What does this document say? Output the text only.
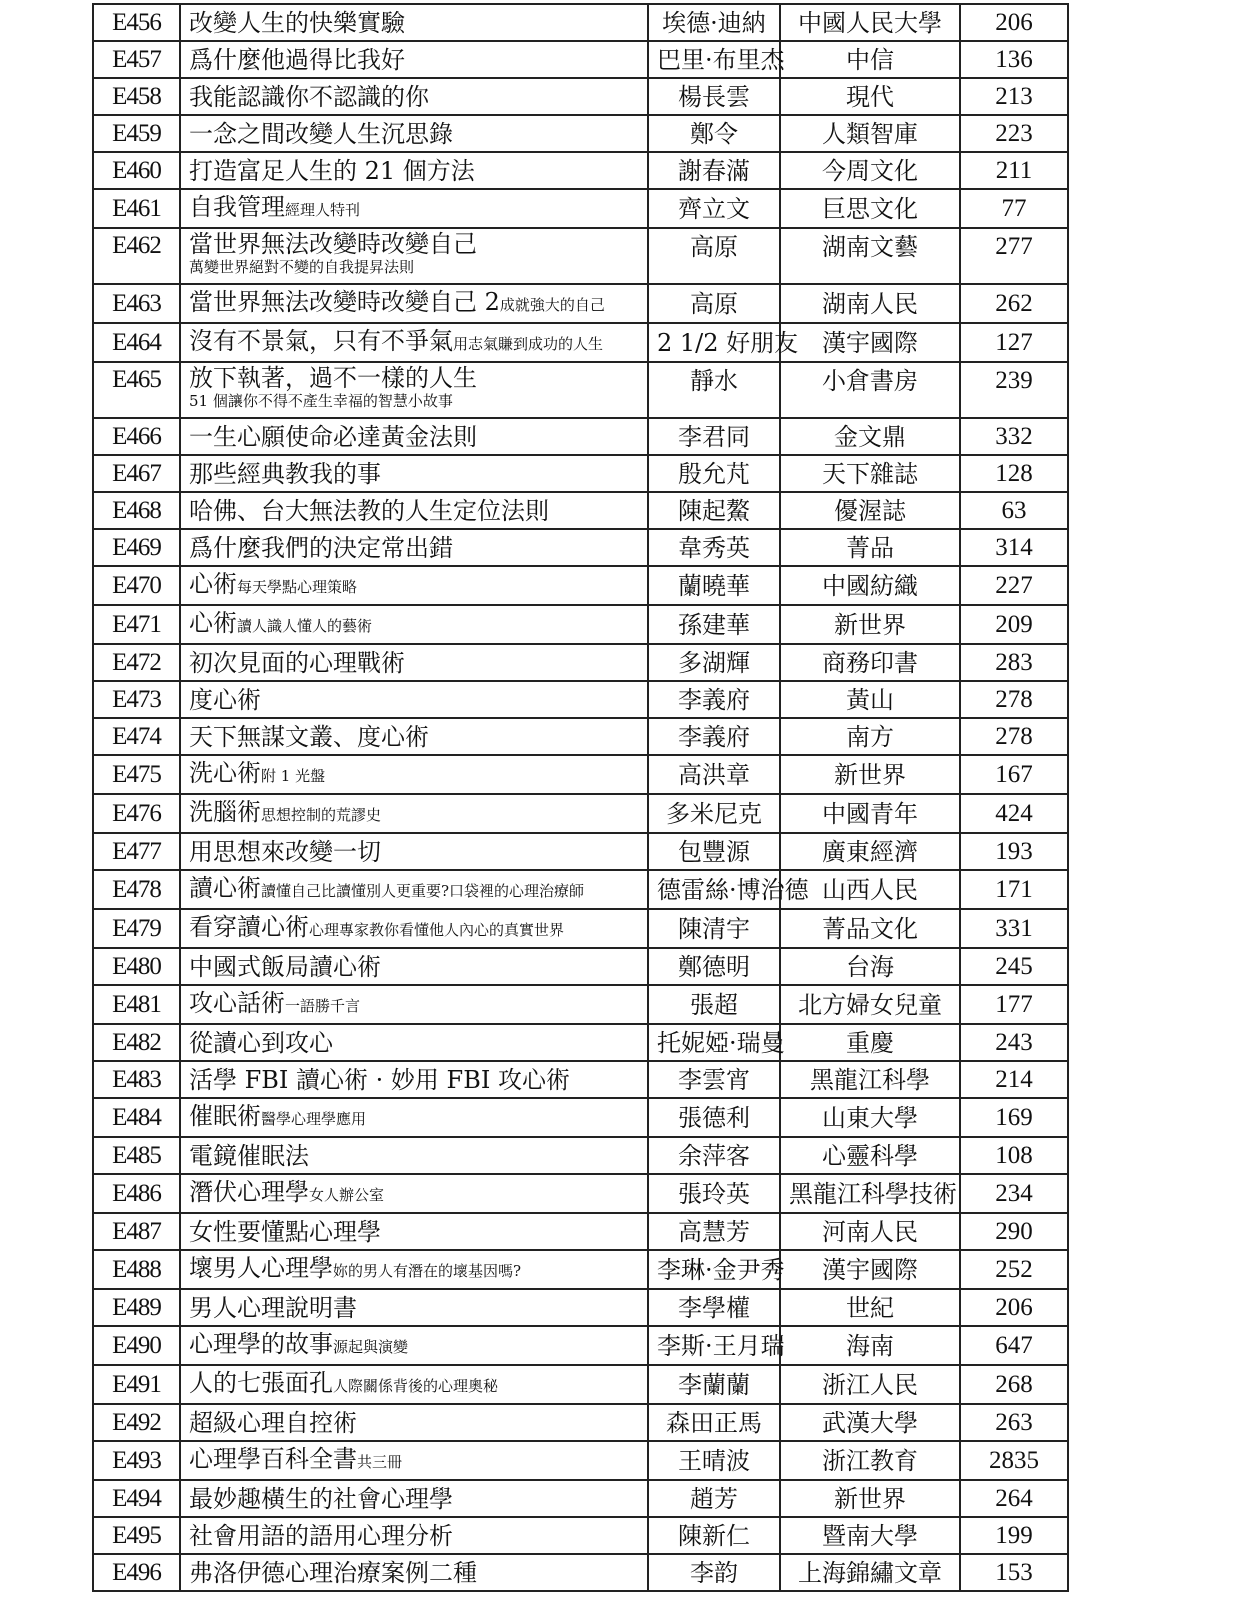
E456	改變人生的快樂實驗	埃德·迪納	中國人民大學	206
E457	爲什麼他過得比我好	巴里·布里杰	中信	136
E458	我能認識你不認識的你	楊長雲	現代	213
E459	一念之間改變人生沉思錄	鄭令	人類智庫	223
E460	打造富足人生的 21 個方法	謝春滿	今周文化	211
E461	自我管理經理人特刊	齊立文	巨思文化	77
E462	當世界無法改變時改變自己
萬變世界絕對不變的自我提昇法則	高原	湖南文藝	277
E463	當世界無法改變時改變自己 2成就強大的自己	高原	湖南人民	262
E464	沒有不景氣，只有不爭氣用志氣賺到成功的人生	2 1/2 好朋友	漢宇國際	127
E465	放下執著，過不一樣的人生
51 個讓你不得不產生幸福的智慧小故事	靜水	小倉書房	239
E466	一生心願使命必達黃金法則	李君同	金文鼎	332
E467	那些經典教我的事	殷允芃	天下雜誌	128
E468	哈佛、台大無法教的人生定位法則	陳起鰲	優渥誌	63
E469	爲什麼我們的決定常出錯	韋秀英	菁品	314
E470	心術每天學點心理策略	蘭曉華	中國紡織	227
E471	心術讀人識人懂人的藝術	孫建華	新世界	209
E472	初次見面的心理戰術	多湖輝	商務印書	283
E473	度心術	李義府	黃山	278
E474	天下無謀文叢、度心術	李義府	南方	278
E475	洗心術附 1 光盤	高洪章	新世界	167
E476	洗腦術思想控制的荒謬史	多米尼克	中國青年	424
E477	用思想來改變一切	包豐源	廣東經濟	193
E478	讀心術讀懂自己比讀懂別人更重要?口袋裡的心理治療師	德雷絲·博治德	山西人民	171
E479	看穿讀心術心理專家教你看懂他人內心的真實世界	陳清宇	菁品文化	331
E480	中國式飯局讀心術	鄭德明	台海	245
E481	攻心話術一語勝千言	張超	北方婦女兒童	177
E482	從讀心到攻心	托妮婭·瑞曼	重慶	243
E483	活學 FBI 讀心術 · 妙用 FBI 攻心術	李雲宵	黑龍江科學	214
E484	催眠術醫學心理學應用	張德利	山東大學	169
E485	電鏡催眠法	余萍客	心靈科學	108
E486	潛伏心理學女人辦公室	張玲英	黑龍江科學技術	234
E487	女性要懂點心理學	高慧芳	河南人民	290
E488	壞男人心理學妳的男人有潛在的壞基因嗎?	李琳·金尹秀	漢宇國際	252
E489	男人心理說明書	李學權	世紀	206
E490	心理學的故事源起與演變	李斯·王月瑞	海南	647
E491	人的七張面孔人際關係背後的心理奧秘	李蘭蘭	浙江人民	268
E492	超級心理自控術	森田正馬	武漢大學	263
E493	心理學百科全書共三冊	王晴波	浙江教育	2835
E494	最妙趣橫生的社會心理學	趙芳	新世界	264
E495	社會用語的語用心理分析	陳新仁	暨南大學	199
E496	弗洛伊德心理治療案例二種	李韵	上海錦繡文章	153
